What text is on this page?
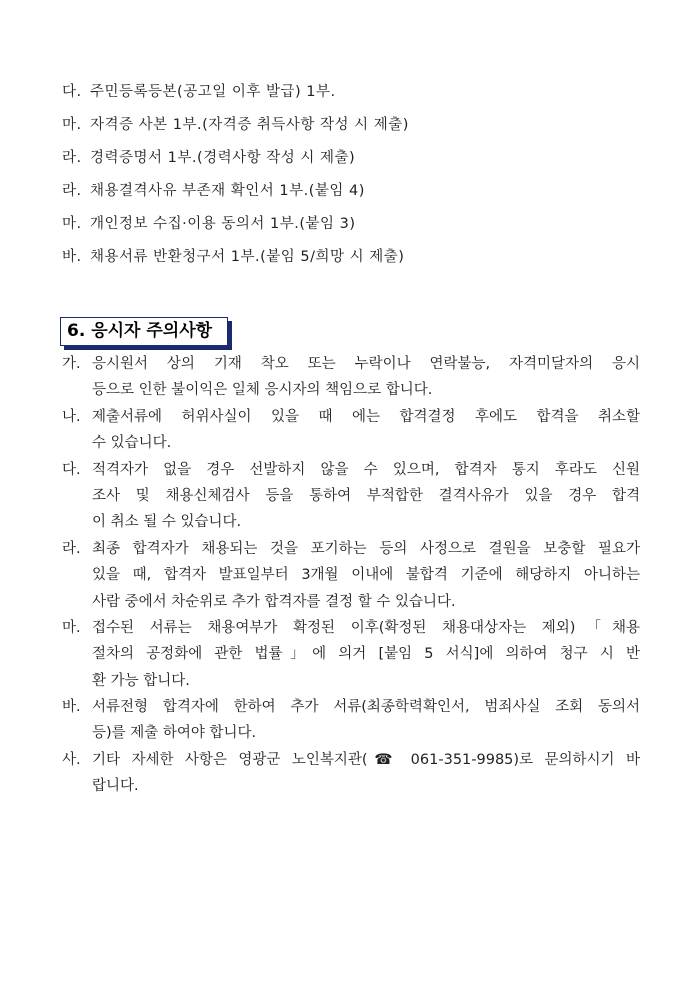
다. 주민등록등본(공고일 이후 발급) 1부.
마. 자격증 사본 1부.(자격증 취득사항 작성 시 제출)
라. 경력증명서 1부.(경력사항 작성 시 제출)
라. 채용결격사유 부존재 확인서 1부.(붙임 4)
마. 개인정보 수집·이용 동의서 1부.(붙임 3)
바. 채용서류 반환청구서 1부.(붙임 5/희망 시 제출)
6. 응시자 주의사항
가. 응시원서 상의 기재 착오 또는 누락이나 연락불능, 자격미달자의 응시
등으로 인한 불이익은 일체 응시자의 책임으로 합니다.
나. 제출서류에 허위사실이 있을 때 에는 합격결정 후에도 합격을 취소할
수 있습니다.
다. 적격자가 없을 경우 선발하지 않을 수 있으며, 합격자 통지 후라도 신원
조사 및 채용신체검사 등을 통하여 부적합한 결격사유가 있을 경우 합격
이 취소 될 수 있습니다.
라. 최종 합격자가 채용되는 것을 포기하는 등의 사정으로 결원을 보충할 필요가
있을 때, 합격자 발표일부터 3개월 이내에 불합격 기준에 해당하지 아니하는
사람 중에서 차순위로 추가 합격자를 결정 할 수 있습니다.
마. 접수된 서류는 채용여부가 확정된 이후(확정된 채용대상자는 제외)「채용
절차의 공정화에 관한 법률」에 의거 [붙임 5 서식]에 의하여 청구 시 반
환 가능 합니다.
바. 서류전형 합격자에 한하여 추가 서류(최종학력확인서, 범죄사실 조회 동의서
등)를 제출 하여야 합니다.
사. 기타 자세한 사항은 영광군 노인복지관(☎ 061-351-9985)로 문의하시기 바
랍니다.
